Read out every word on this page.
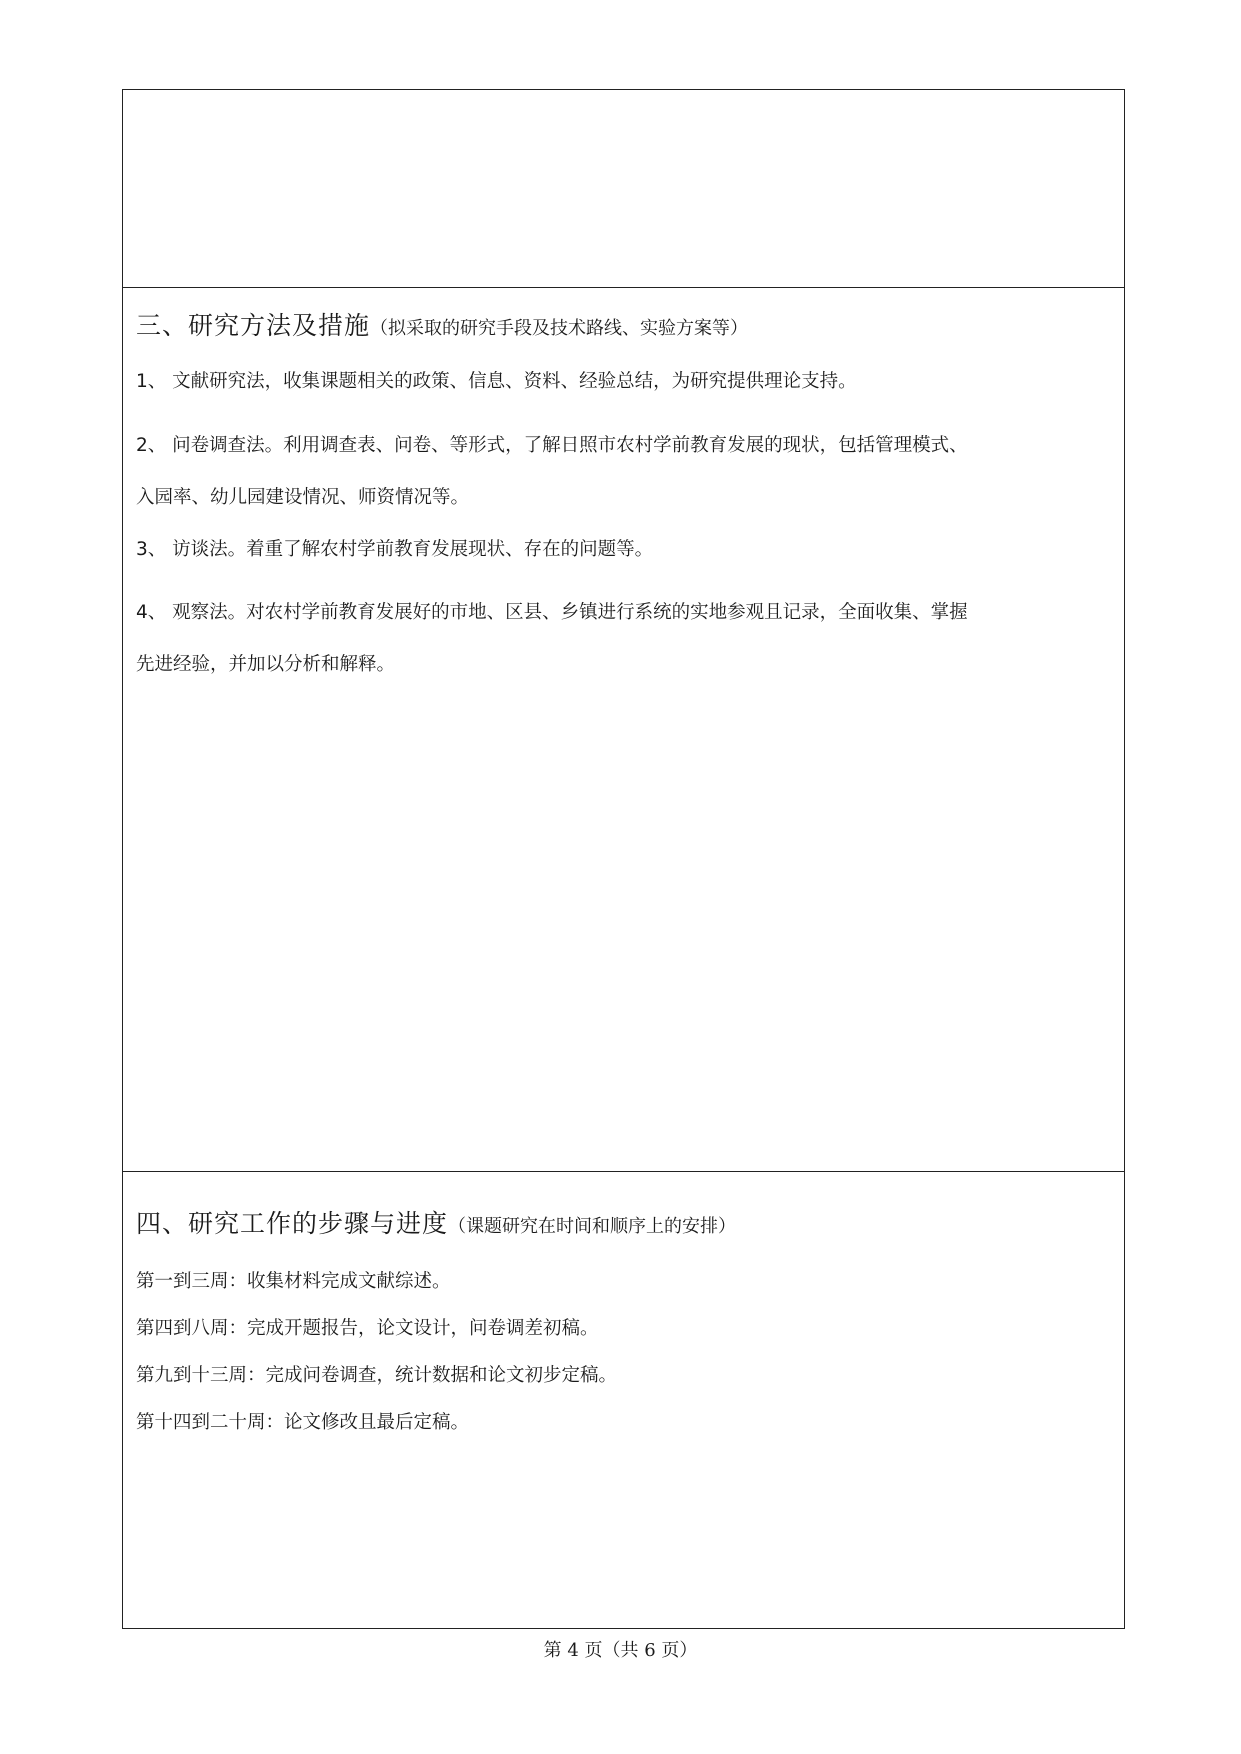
三、研究方法及措施（拟采取的研究手段及技术路线、实验方案等）
1、 文献研究法，收集课题相关的政策、信息、资料、经验总结，为研究提供理论支持。
2、 问卷调查法。利用调查表、问卷、等形式，了解日照市农村学前教育发展的现状，包括管理模式、
入园率、幼儿园建设情况、师资情况等。
3、 访谈法。着重了解农村学前教育发展现状、存在的问题等。
4、 观察法。对农村学前教育发展好的市地、区县、乡镇进行系统的实地参观且记录，全面收集、掌握
先进经验，并加以分析和解释。
四、研究工作的步骤与进度（课题研究在时间和顺序上的安排）
第一到三周：收集材料完成文献综述。
第四到八周：完成开题报告，论文设计，问卷调差初稿。
第九到十三周：完成问卷调查，统计数据和论文初步定稿。
第十四到二十周：论文修改且最后定稿。
第 4 页（共 6 页）
